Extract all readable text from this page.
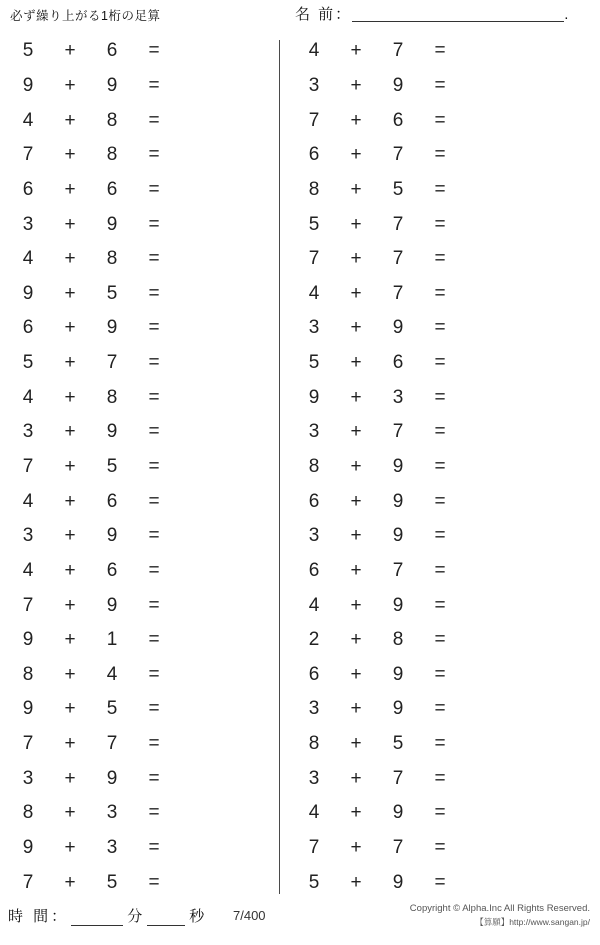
必ず繰り上がる1桁の足算	名 前 ：	.
5	+	6	=
9	+	9	=
4	+	8	=
7	+	8	=
6	+	6	=
3	+	9	=
4	+	8	=
9	+	5	=
6	+	9	=
5	+	7	=
4	+	8	=
3	+	9	=
7	+	5	=
4	+	6	=
3	+	9	=
4	+	6	=
7	+	9	=
9	+	1	=
8	+	4	=
9	+	5	=
7	+	7	=
3	+	9	=
8	+	3	=
9	+	3	=
7	+	5	=
4	+	7	=
3	+	9	=
7	+	6	=
6	+	7	=
8	+	5	=
5	+	7	=
7	+	7	=
4	+	7	=
3	+	9	=
5	+	6	=
9	+	3	=
3	+	7	=
8	+	9	=
6	+	9	=
3	+	9	=
6	+	7	=
4	+	9	=
2	+	8	=
6	+	9	=
3	+	9	=
8	+	5	=
3	+	7	=
4	+	9	=
7	+	7	=
5	+	9	=
時 間 ：	分	秒 7/400	Copyright © Alpha.Inc All Rights Reserved.
【算願】http://www.sangan.jp/
